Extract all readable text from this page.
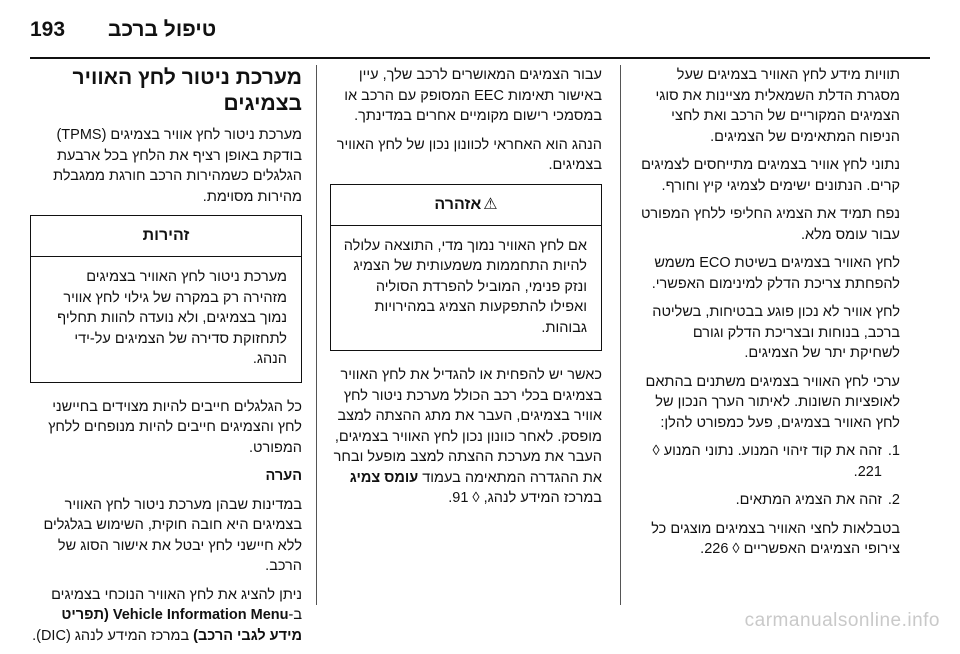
טיפול ברכב
193

תוויות מידע לחץ האוויר בצמיגים שעל מסגרת הדלת השמאלית מציינות את סוגי הצמיגים המקוריים של הרכב ואת לחצי הניפוח המתאימים של הצמיגים.

נתוני לחץ אוויר בצמיגים מתייחסים לצמיגים קרים. הנתונים ישימים לצמיגי קיץ וחורף.

נפח תמיד את הצמיג החליפי ללחץ המפורט עבור עומס מלא.

לחץ האוויר בצמיגים בשיטת ECO משמש להפחתת צריכת הדלק למינימום האפשרי.

לחץ אוויר לא נכון פוגע בבטיחות, בשליטה ברכב, בנוחות ובצריכת הדלק וגורם לשחיקת יתר של הצמיגים.

ערכי לחץ האוויר בצמיגים משתנים בהתאם לאופציות השונות. לאיתור הערך הנכון של לחץ האוויר בצמיגים, פעל כמפורט להלן:

1.
זהה את קוד זיהוי המנוע. נתוני המנוע ◊ 221.
2.
זהה את הצמיג המתאים.

בטבלאות לחצי האוויר בצמיגים מוצגים כל צירופי הצמיגים האפשריים ◊ 226.

עבור הצמיגים המאושרים לרכב שלך, עיין באישור תאימות EEC המסופק עם הרכב או במסמכי רישום מקומיים אחרים במדינתך.

הנהג הוא האחראי לכוונון נכון של לחץ האוויר בצמיגים.

⚠אזהרה
אם לחץ האוויר נמוך מדי, התוצאה עלולה להיות התחממות משמעותית של הצמיג ונזק פנימי, המוביל להפרדת הסוליה ואפילו להתפקעות הצמיג במהירויות גבוהות.

כאשר יש להפחית או להגדיל את לחץ האוויר בצמיגים בכלי רכב הכולל מערכת ניטור לחץ אוויר בצמיגים, העבר את מתג ההצתה למצב מופסק. לאחר כוונון נכון לחץ האוויר בצמיגים, העבר את מערכת ההצתה למצב מופעל ובחר את ההגדרה המתאימה בעמוד עומס צמיג במרכז המידע לנהג, ◊ 91.

מערכת ניטור לחץ האוויר בצמיגים

מערכת ניטור לחץ אוויר בצמיגים (TPMS) בודקת באופן רציף את הלחץ בכל ארבעת הגלגלים כשמהירות הרכב חורגת ממגבלת מהירות מסוימת.

זהירות
מערכת ניטור לחץ האוויר בצמיגים מזהירה רק במקרה של גילוי לחץ אוויר נמוך בצמיגים, ולא נועדה להוות תחליף לתחזוקת סדירה של הצמיגים על-ידי הנהג.

כל הגלגלים חייבים להיות מצוידים בחיישני לחץ והצמיגים חייבים להיות מנופחים ללחץ המפורט.

הערה

במדינות שבהן מערכת ניטור לחץ האוויר בצמיגים היא חובה חוקית, השימוש בגלגלים ללא חיישני לחץ יבטל את אישור הסוג של הרכב.

ניתן להציג את לחץ האוויר הנוכחי בצמיגים ב-Vehicle Information Menu (תפריט מידע לגבי הרכב) במרכז המידע לנהג (DIC).

carmanualsonline.info
